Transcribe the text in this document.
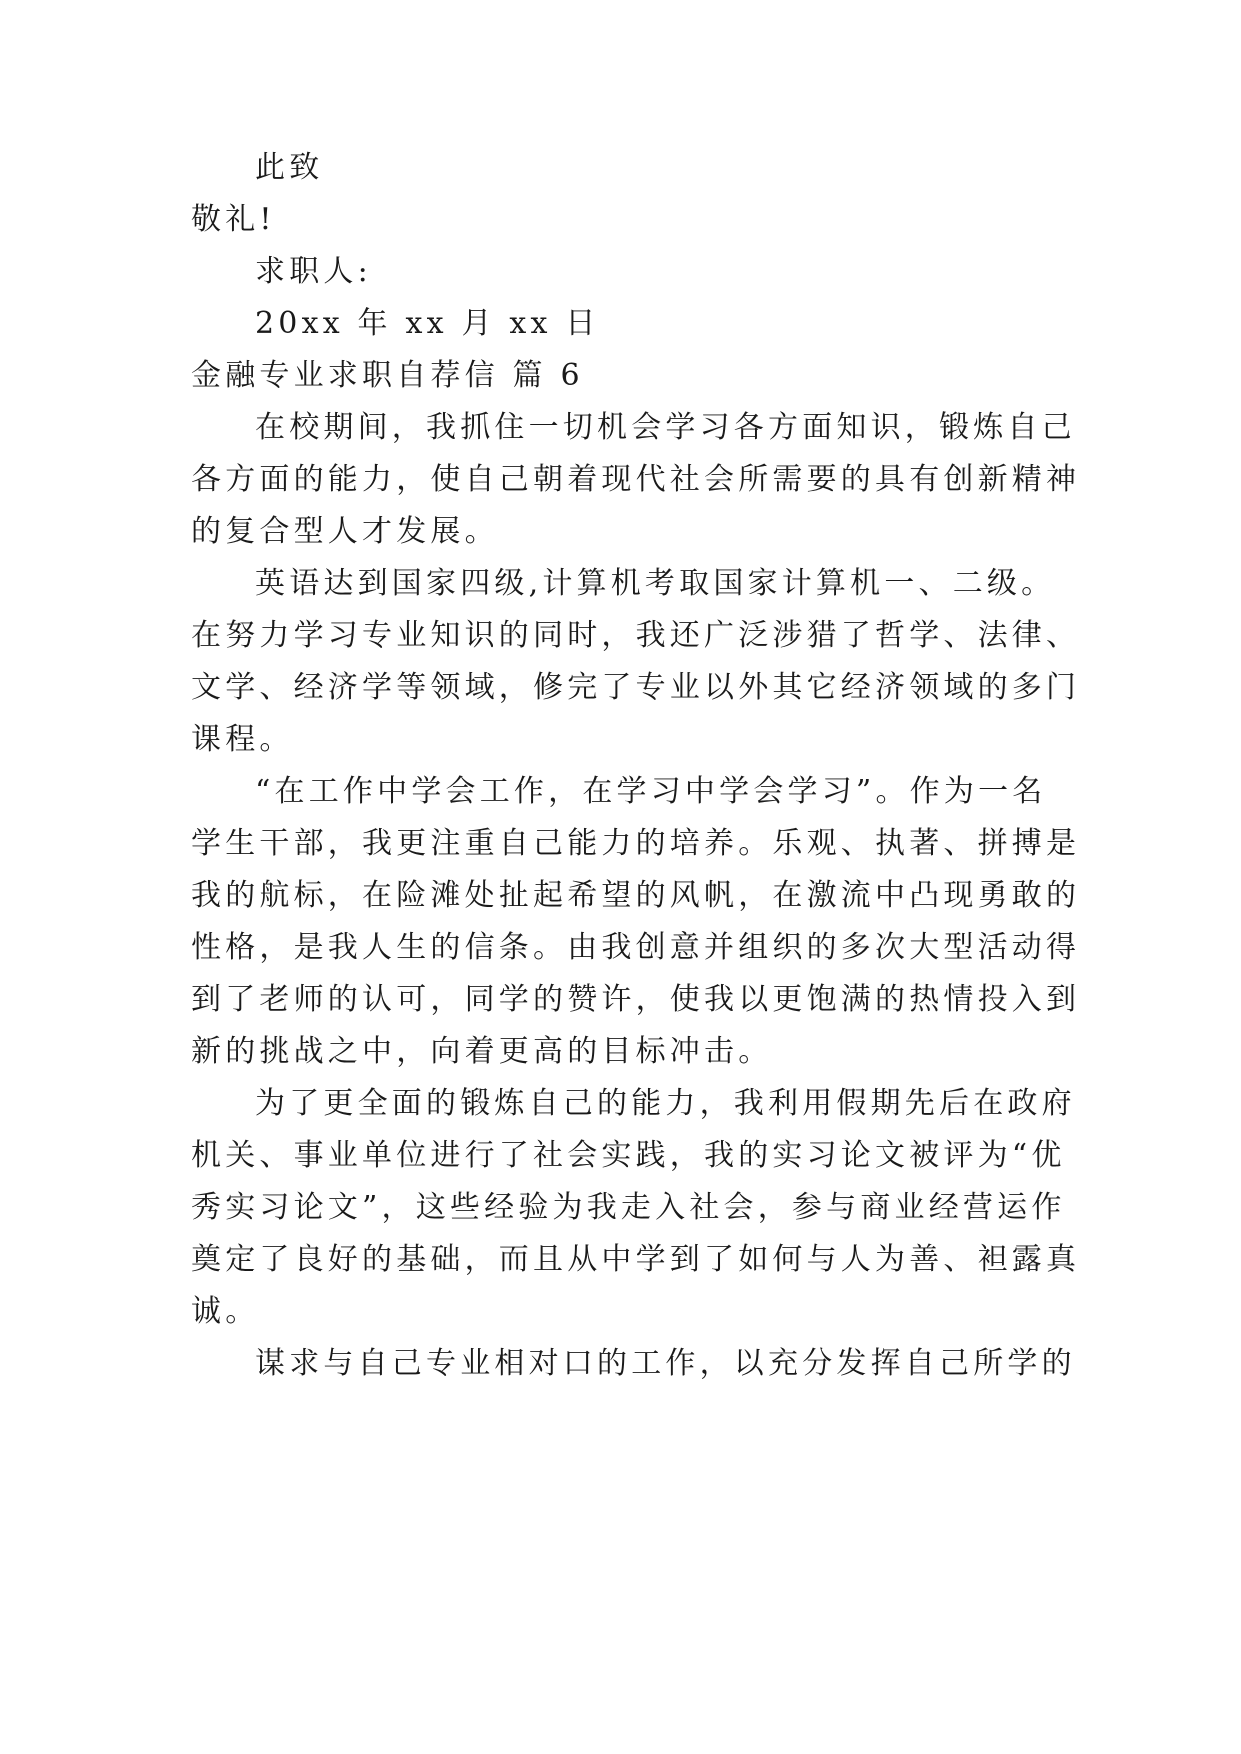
此致
敬礼!
求职人:
20xx 年 xx 月 xx 日
金融专业求职自荐信 篇 6
在校期间，我抓住一切机会学习各方面知识，锻炼自己
各方面的能力，使自己朝着现代社会所需要的具有创新精神
的复合型人才发展。
英语达到国家四级,计算机考取国家计算机一、二级。
在努力学习专业知识的同时，我还广泛涉猎了哲学、法律、
文学、经济学等领域，修完了专业以外其它经济领域的多门
课程。
“在工作中学会工作，在学习中学会学习”。作为一名
学生干部，我更注重自己能力的培养。乐观、执著、拼搏是
我的航标，在险滩处扯起希望的风帆，在激流中凸现勇敢的
性格，是我人生的信条。由我创意并组织的多次大型活动得
到了老师的认可，同学的赞许，使我以更饱满的热情投入到
新的挑战之中，向着更高的目标冲击。
为了更全面的锻炼自己的能力，我利用假期先后在政府
机关、事业单位进行了社会实践，我的实习论文被评为“优
秀实习论文”，这些经验为我走入社会，参与商业经营运作
奠定了良好的基础，而且从中学到了如何与人为善、袒露真
诚。
谋求与自己专业相对口的工作，以充分发挥自己所学的
